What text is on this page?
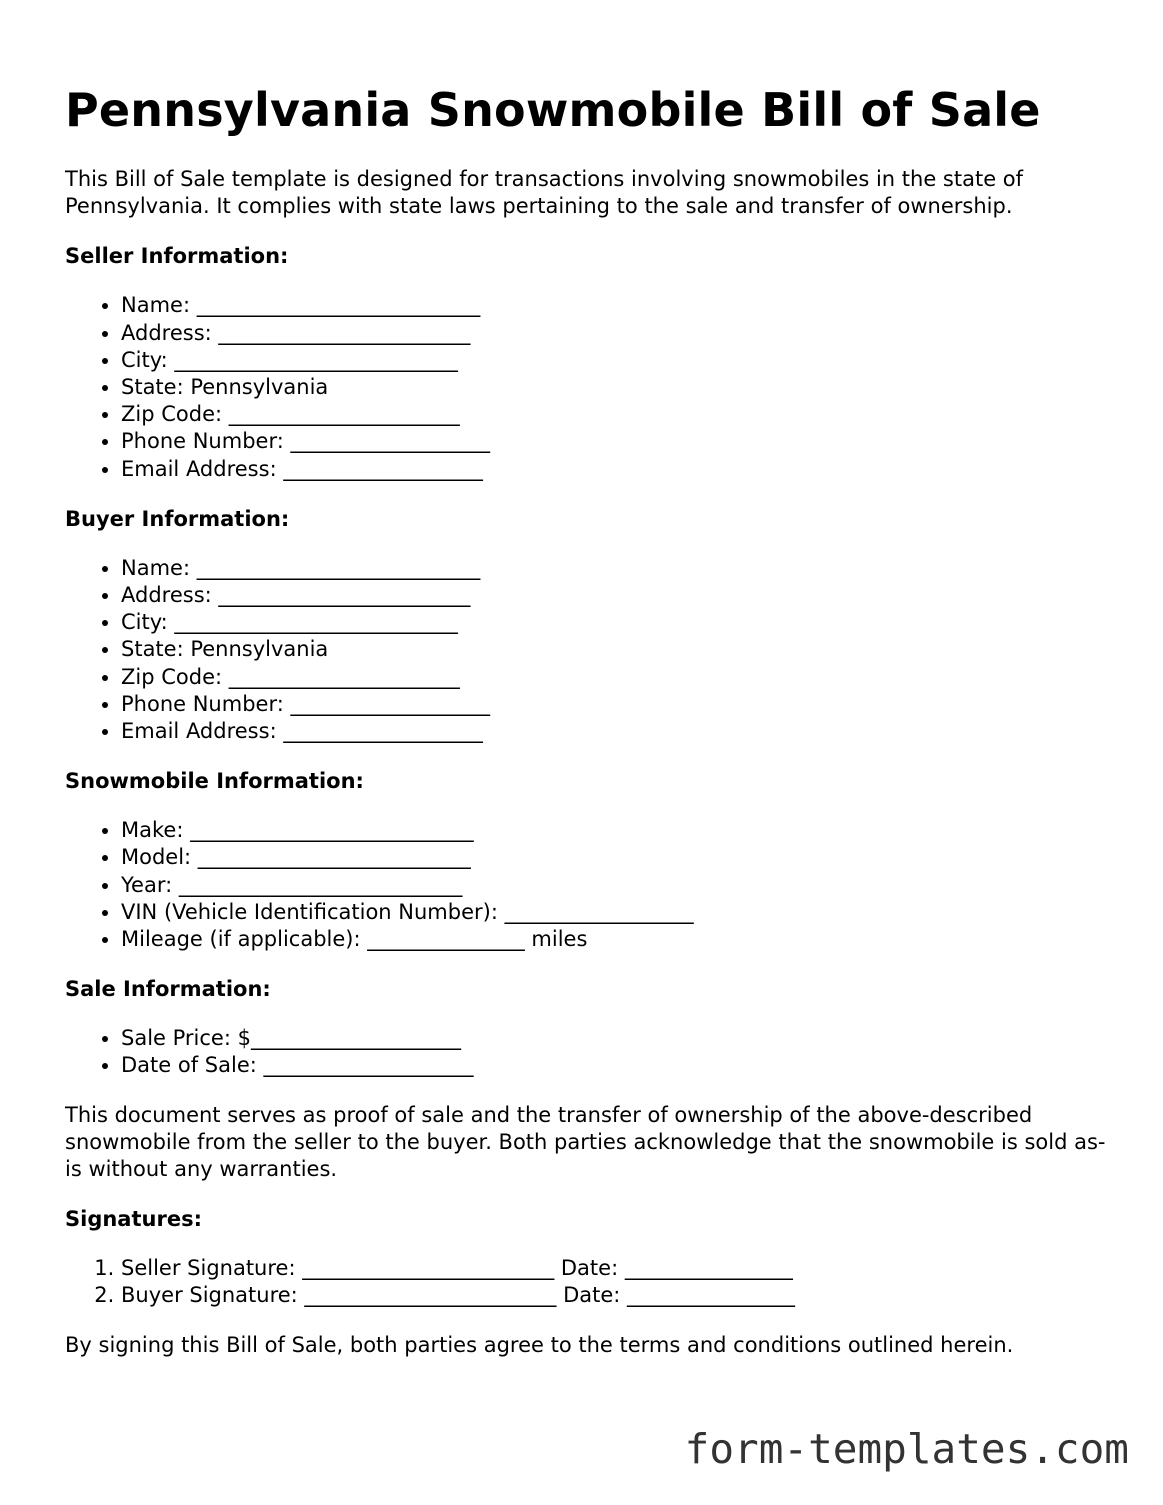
Pennsylvania Snowmobile Bill of Sale

This Bill of Sale template is designed for transactions involving snowmobiles in the state of Pennsylvania. It complies with state laws pertaining to the sale and transfer of ownership.

Seller Information:
• Name: ___________________________
• Address: ________________________
• City: ___________________________
• State: Pennsylvania
• Zip Code: ______________________
• Phone Number: ___________________
• Email Address: ___________________
Buyer Information:
• Name: ___________________________
• Address: ________________________
• City: ___________________________
• State: Pennsylvania
• Zip Code: ______________________
• Phone Number: ___________________
• Email Address: ___________________
Snowmobile Information:
• Make: ___________________________
• Model: __________________________
• Year: ___________________________
• VIN (Vehicle Identification Number): __________________
• Mileage (if applicable): _______________ miles
Sale Information:
• Sale Price: $____________________
• Date of Sale: ____________________

This document serves as proof of sale and the transfer of ownership of the above-described snowmobile from the seller to the buyer. Both parties acknowledge that the snowmobile is sold as-is without any warranties.

Signatures:
1. Seller Signature: ________________________ Date: ________________
2. Buyer Signature: ________________________ Date: ________________

By signing this Bill of Sale, both parties agree to the terms and conditions outlined herein.

form-templates.com
